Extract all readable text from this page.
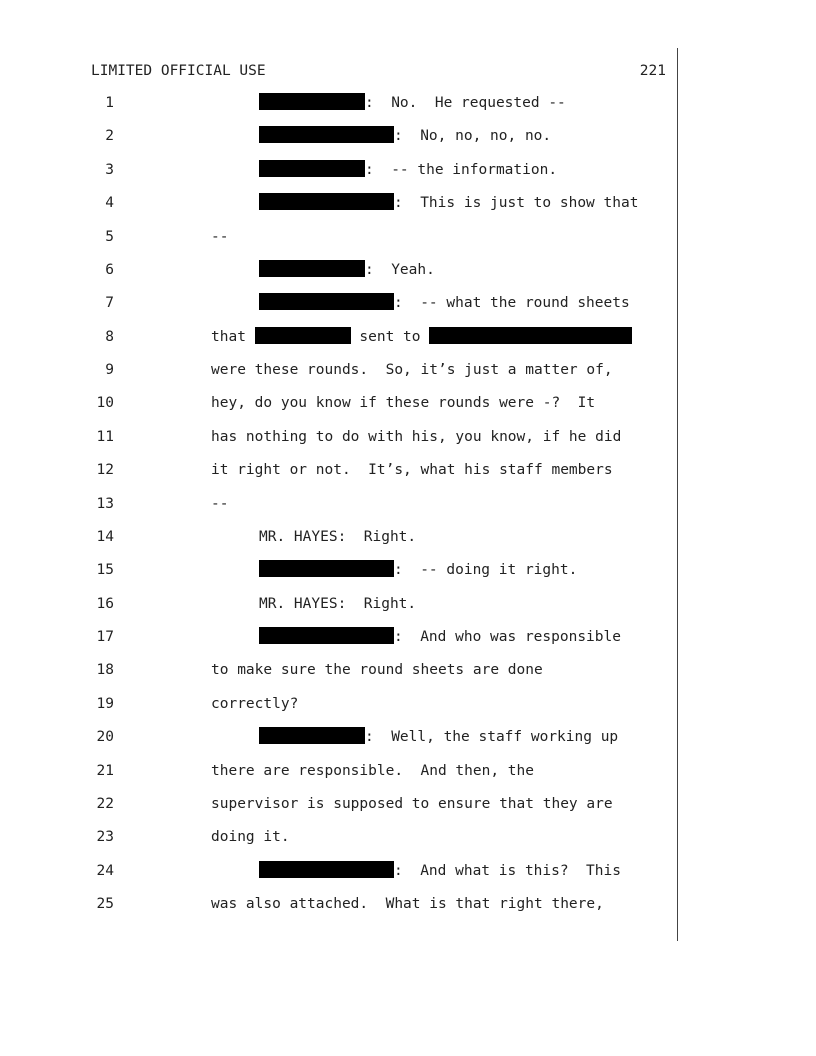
LIMITED OFFICIAL USE	221
1	:  No.  He requested --
2	:  No, no, no, no.
3	:  -- the information.
4	:  This is just to show that
5	--
6	:  Yeah.
7	:  -- what the round sheets
8	that	sent to
9	were these rounds.  So, it’s just a matter of,
10	hey, do you know if these rounds were -?  It
11	has nothing to do with his, you know, if he did
12	it right or not.  It’s, what his staff members
13	--
14	MR. HAYES:  Right.
15	:  -- doing it right.
16	MR. HAYES:  Right.
17	:  And who was responsible
18	to make sure the round sheets are done
19	correctly?
20	:  Well, the staff working up
21	there are responsible.  And then, the
22	supervisor is supposed to ensure that they are
23	doing it.
24	:  And what is this?  This
25	was also attached.  What is that right there,
